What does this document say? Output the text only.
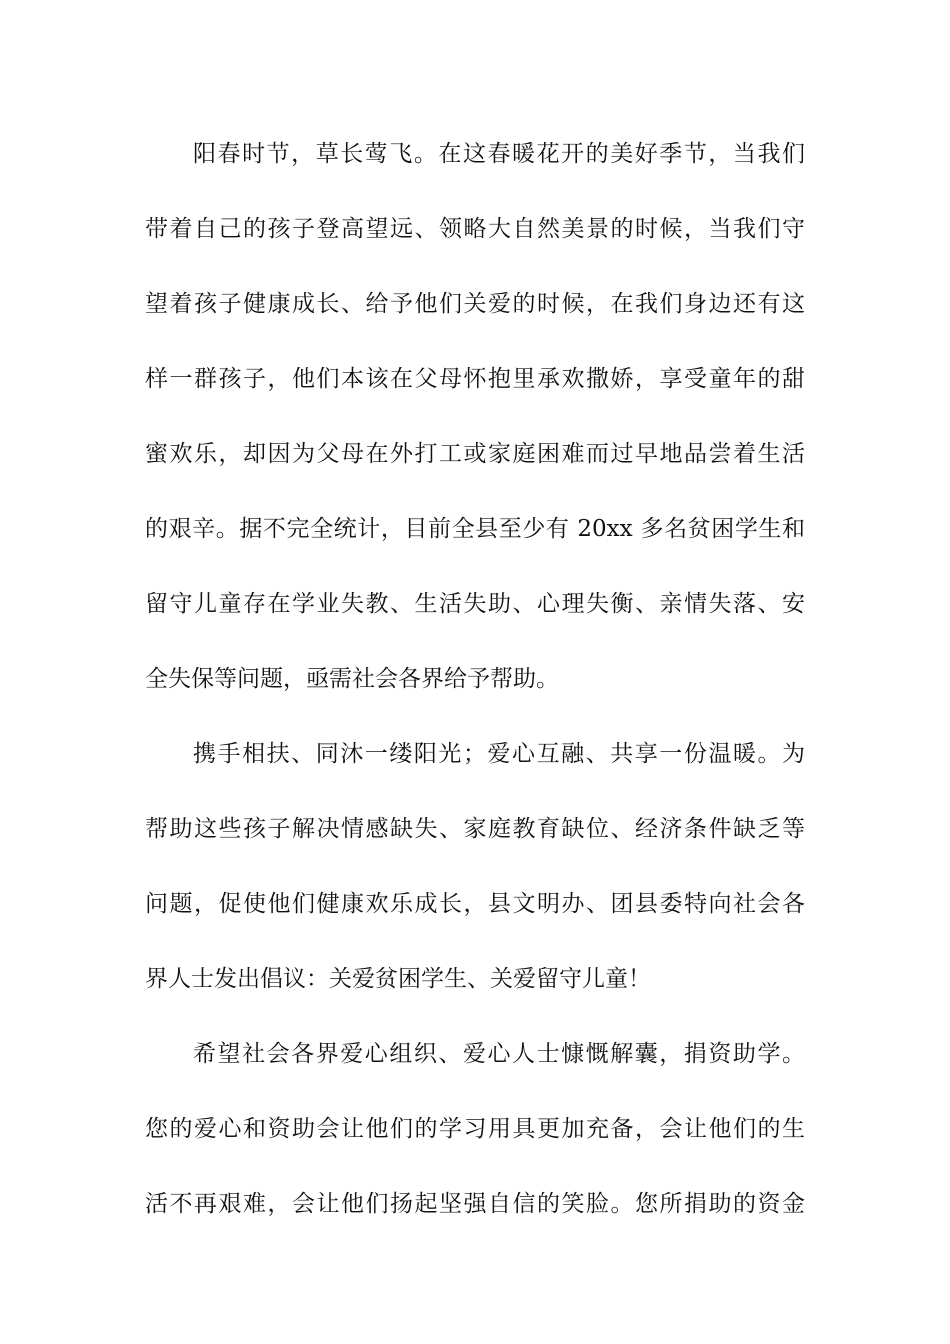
阳春时节，草长莺飞。在这春暖花开的美好季节，当我们
带着自己的孩子登高望远、领略大自然美景的时候，当我们守
望着孩子健康成长、给予他们关爱的时候，在我们身边还有这
样一群孩子，他们本该在父母怀抱里承欢撒娇，享受童年的甜
蜜欢乐，却因为父母在外打工或家庭困难而过早地品尝着生活
的艰辛。据不完全统计，目前全县至少有 20xx 多名贫困学生和
留守儿童存在学业失教、生活失助、心理失衡、亲情失落、安
全失保等问题，亟需社会各界给予帮助。
携手相扶、同沐一缕阳光；爱心互融、共享一份温暖。为
帮助这些孩子解决情感缺失、家庭教育缺位、经济条件缺乏等
问题，促使他们健康欢乐成长，县文明办、团县委特向社会各
界人士发出倡议：关爱贫困学生、关爱留守儿童！
希望社会各界爱心组织、爱心人士慷慨解囊，捐资助学。
您的爱心和资助会让他们的学习用具更加充备，会让他们的生
活不再艰难，会让他们扬起坚强自信的笑脸。您所捐助的资金
